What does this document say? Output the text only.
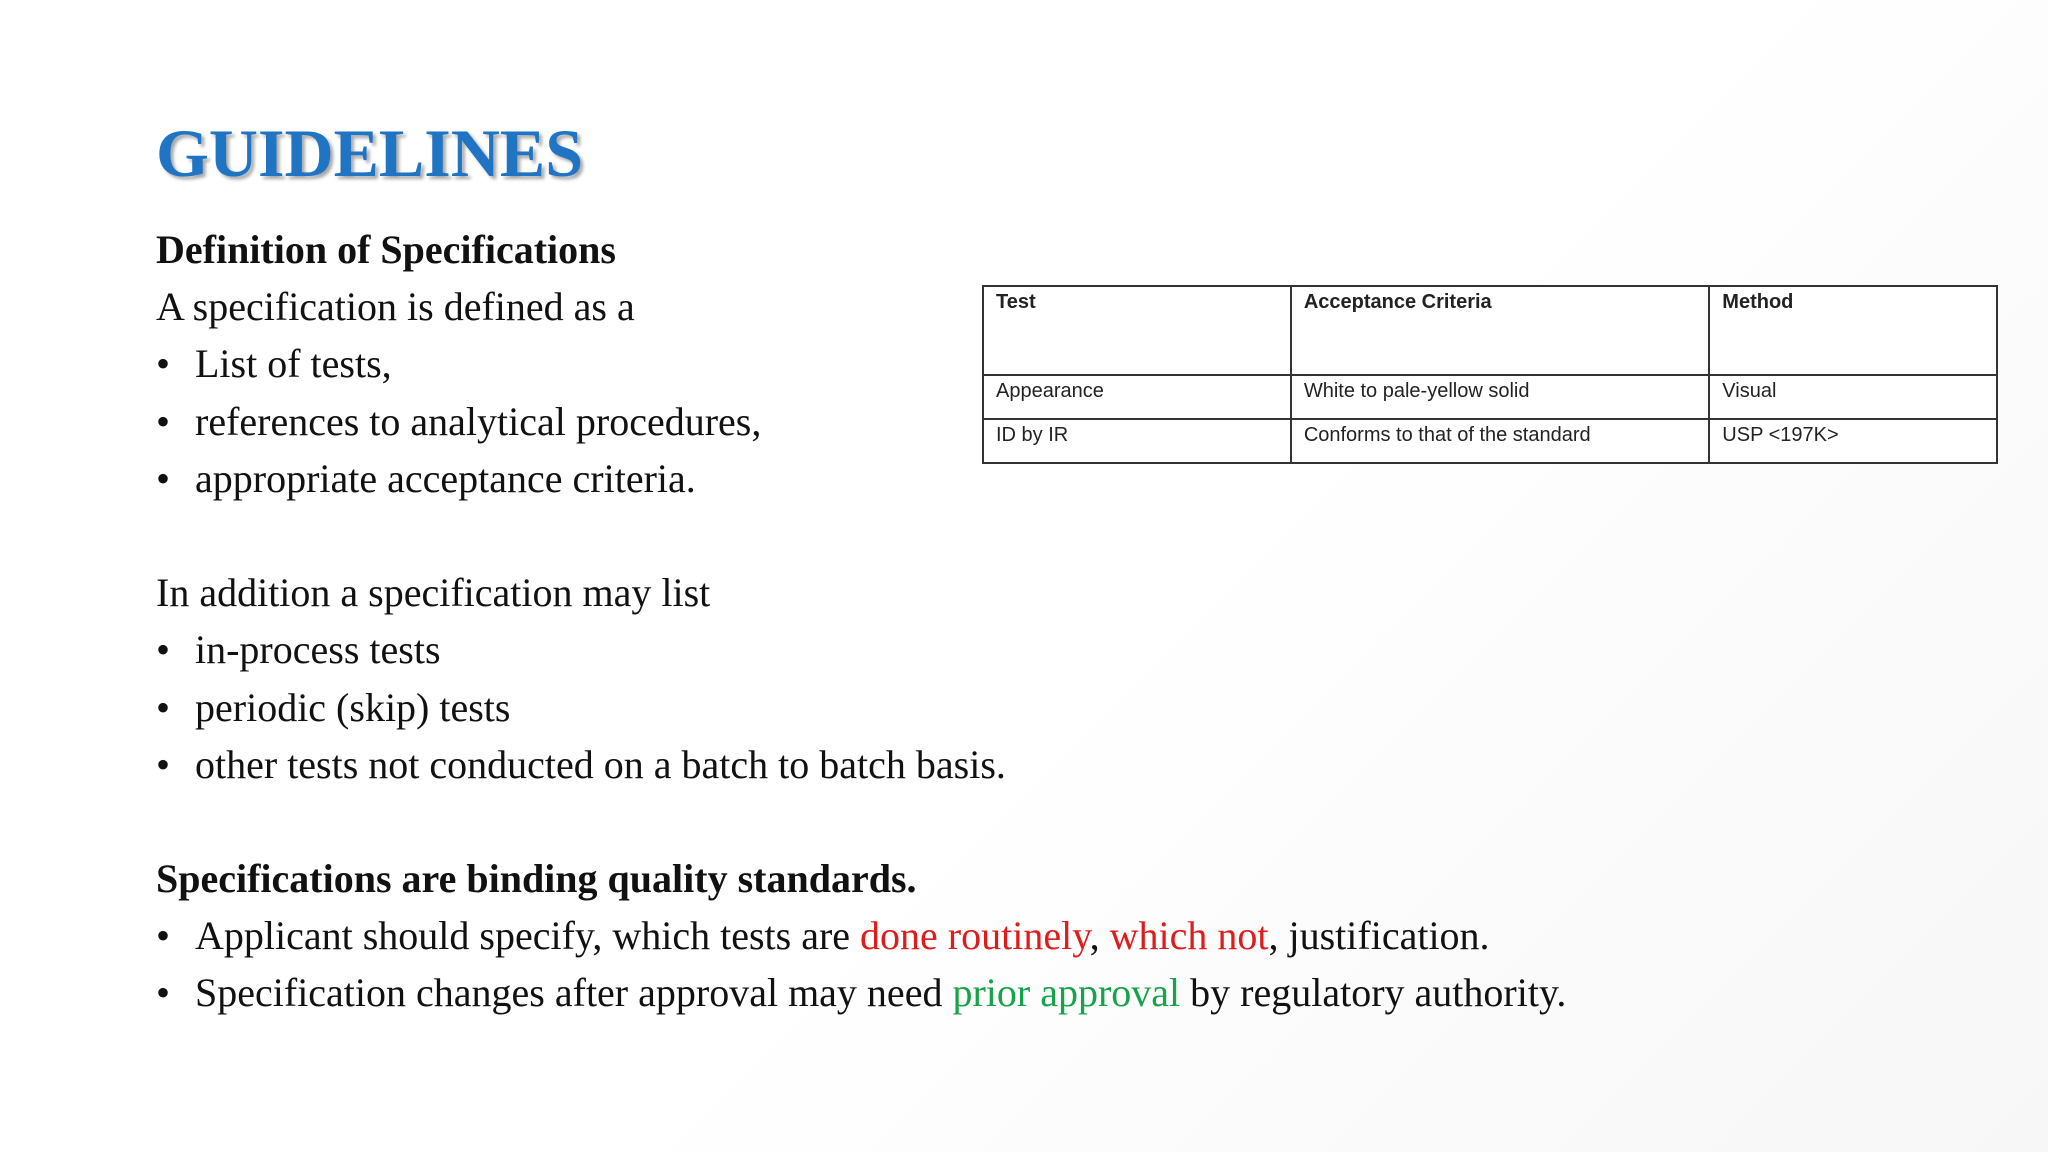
GUIDELINES
Definition of Specifications
A specification is defined as a
• List of tests,
• references to analytical procedures,
• appropriate acceptance criteria.
In addition a specification may list
• in-process tests
• periodic (skip) tests
• other tests not conducted on a batch to batch basis.
Specifications are binding quality standards.
• Applicant should specify, which tests are done routinely, which not, justification.
• Specification changes after approval may need prior approval by regulatory authority.
Test	Acceptance Criteria	Method
Appearance	White to pale-yellow solid	Visual
ID by IR	Conforms to that of the standard	USP <197K>
